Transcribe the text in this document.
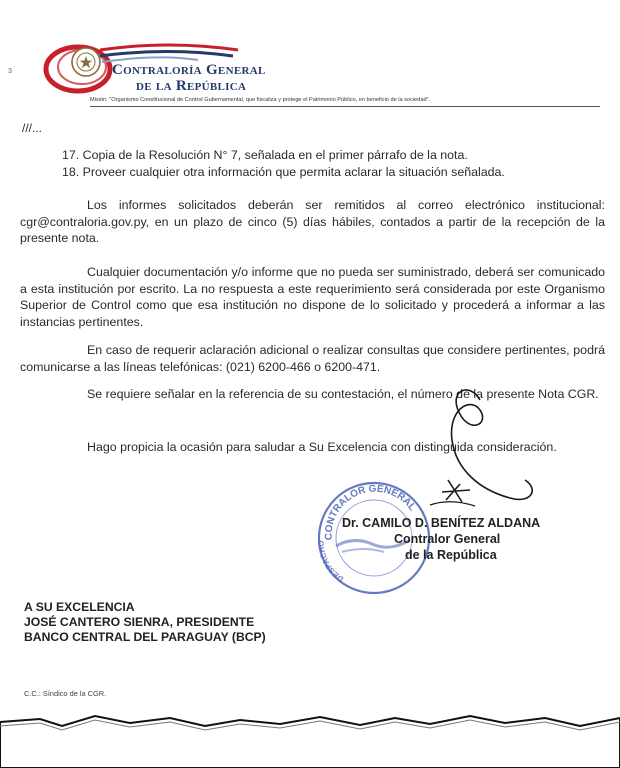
Contraloría General
de la República
3
Misión: "Organismo Constitucional de Control Gubernamental, que fiscaliza y protege el Patrimonio Público, en beneficio de la sociedad".
///...
17. Copia de la Resolución N° 7, señalada en el primer párrafo de la nota.
18. Proveer cualquier otra información que permita aclarar la situación señalada.
Los informes solicitados deberán ser remitidos al correo electrónico institucional: cgr@contraloria.gov.py, en un plazo de cinco (5) días hábiles, contados a partir de la recepción de la presente nota.
Cualquier documentación y/o informe que no pueda ser suministrado, deberá ser comunicado a esta institución por escrito. La no respuesta a este requerimiento será considerada por este Organismo Superior de Control como que esa institución no dispone de lo solicitado y procederá a informar a las instancias pertinentes.
En caso de requerir aclaración adicional o realizar consultas que considere pertinentes, podrá comunicarse a las líneas telefónicas: (021) 6200-466 o 6200-471.
Se requiere señalar en la referencia de su contestación, el número de la presente Nota CGR.
Hago propicia la ocasión para saludar a Su Excelencia con distinguida consideración.
CONTRALOR GENERAL
DESPACHO
Dr. CAMILO D. BENÍTEZ ALDANA
Contralor General
de la República
A SU EXCELENCIA
JOSÉ CANTERO SIENRA, PRESIDENTE
BANCO CENTRAL DEL PARAGUAY (BCP)
C.C.: Síndico de la CGR.
